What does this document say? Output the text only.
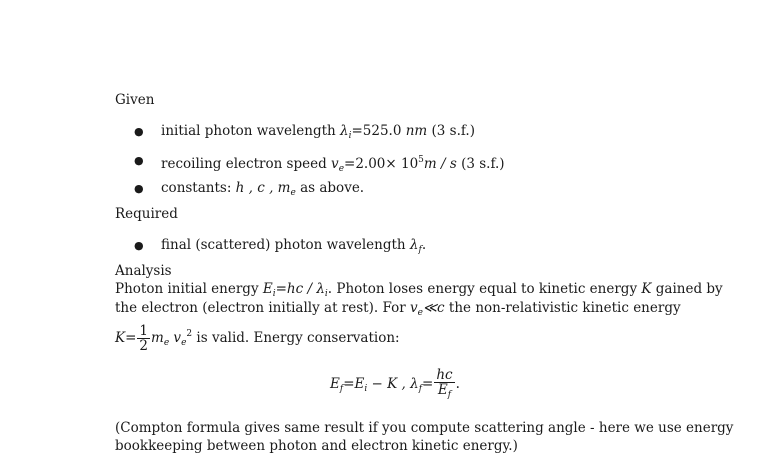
Given
● initial photon wavelength $\lambda_i=525.0$ nm (3 s.f.)
● recoiling electron speed $v_e=2.00\times 10^5m / s$ (3 s.f.)
● constants: h , c , $m_e$ as above.
Required
● final (scattered) photon wavelength $\lambda_f$.
Analysis
Photon initial energy $E_i=hc / \lambda_i$. Photon loses energy equal to kinetic energy K gained by
the electron (electron initially at rest). For $v_e≪c$ the non-relativistic kinetic energy
$K= \frac{1}{2} m_e$ $v_e^2$ is valid. Energy conservation:
$E_f=E_i - K$ , $\lambda_f= \frac{hc}{E_f}$ .
(Compton formula gives same result if you compute scattering angle - here we use energy
bookkeeping between photon and electron kinetic energy.)
